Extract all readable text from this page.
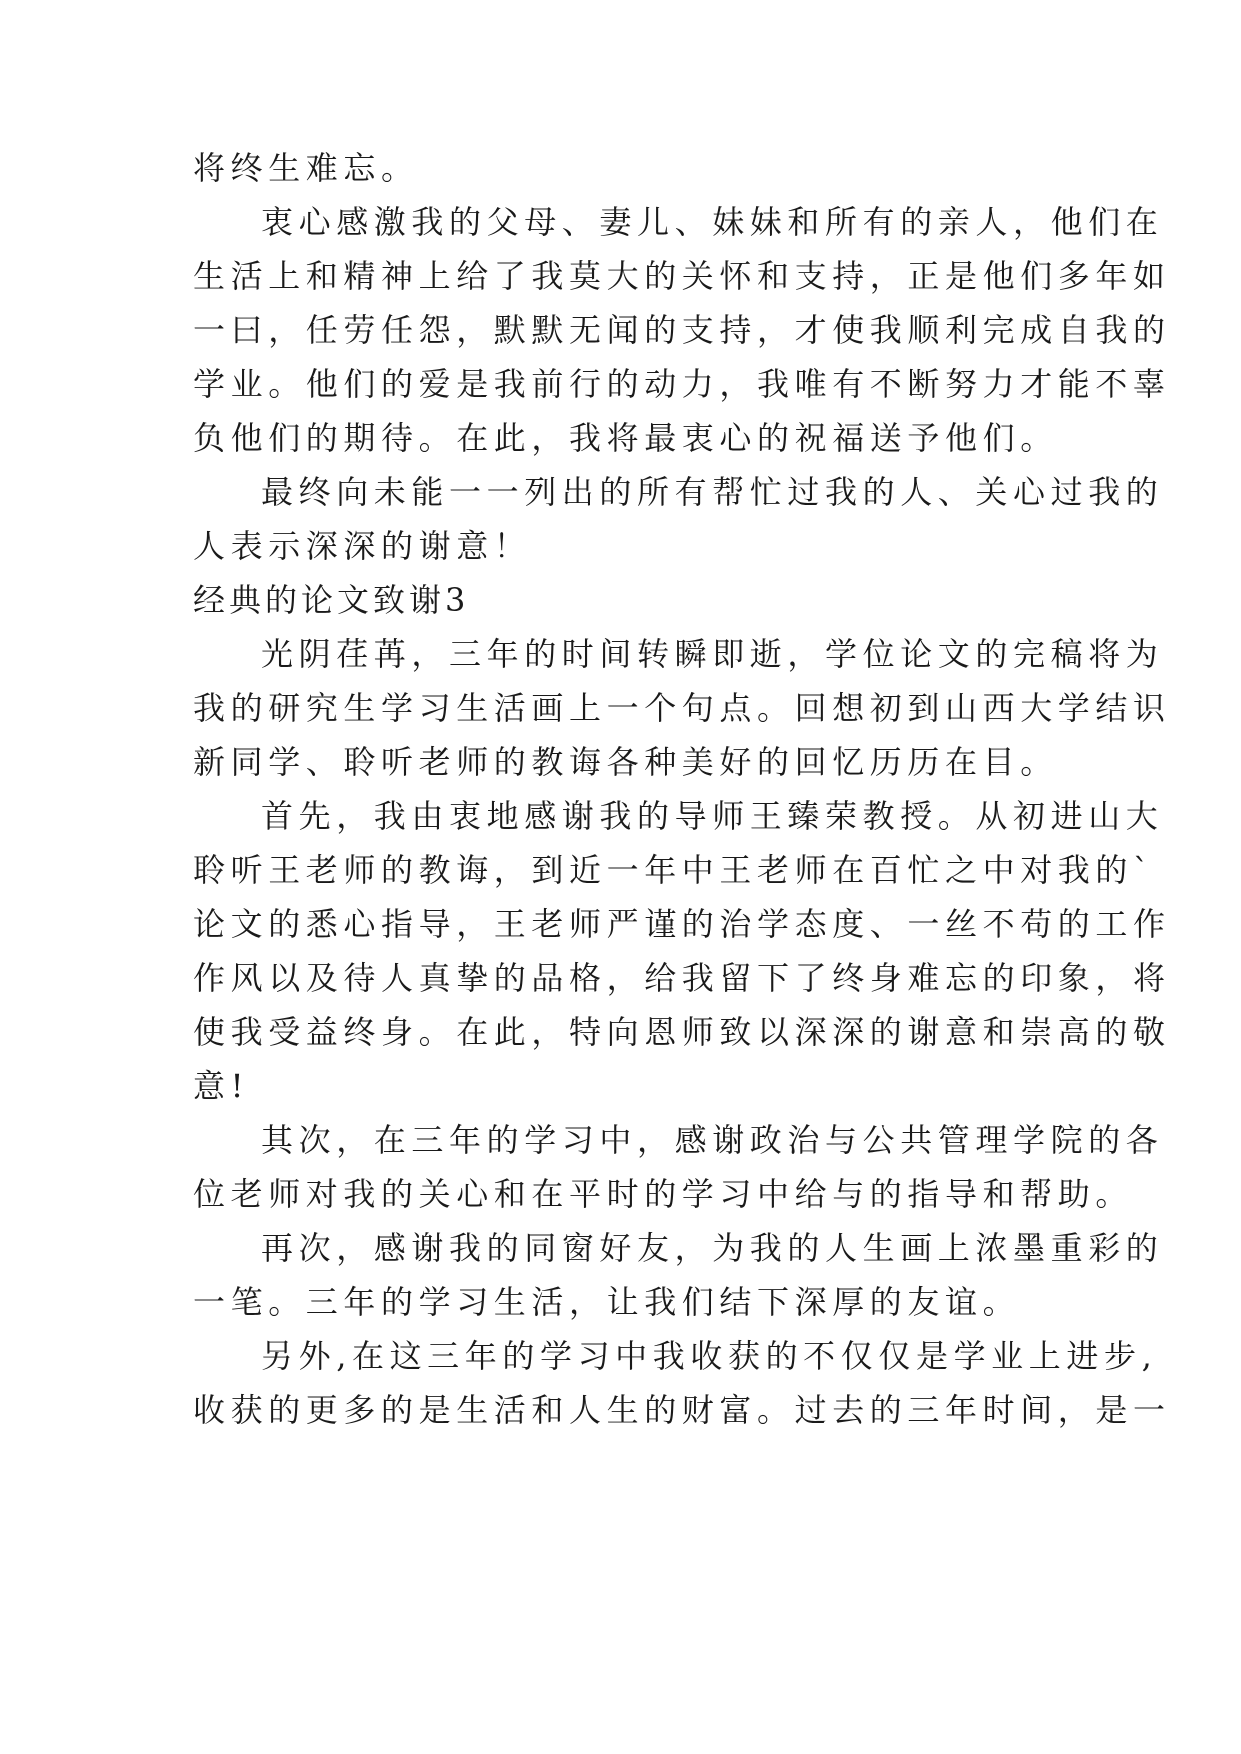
将终生难忘。
衷心感激我的父母、妻儿、妹妹和所有的亲人，他们在
生活上和精神上给了我莫大的关怀和支持，正是他们多年如
一曰，任劳任怨，默默无闻的支持，才使我顺利完成自我的
学业。他们的爱是我前行的动力，我唯有不断努力才能不辜
负他们的期待。在此，我将最衷心的祝福送予他们。
最终向未能一一列出的所有帮忙过我的人、关心过我的
人表示深深的谢意！
经典的论文致谢3
光阴荏苒，三年的时间转瞬即逝，学位论文的完稿将为
我的研究生学习生活画上一个句点。回想初到山西大学结识
新同学、聆听老师的教诲各种美好的回忆历历在目。
首先，我由衷地感谢我的导师王臻荣教授。从初进山大
聆听王老师的教诲，到近一年中王老师在百忙之中对我的`
论文的悉心指导，王老师严谨的治学态度、一丝不苟的工作
作风以及待人真挚的品格，给我留下了终身难忘的印象，将
使我受益终身。在此，特向恩师致以深深的谢意和崇高的敬
意!
其次，在三年的学习中，感谢政治与公共管理学院的各
位老师对我的关心和在平时的学习中给与的指导和帮助。
再次，感谢我的同窗好友，为我的人生画上浓墨重彩的
一笔。三年的学习生活，让我们结下深厚的友谊。
另外,在这三年的学习中我收获的不仅仅是学业上进步,
收获的更多的是生活和人生的财富。过去的三年时间，是一
